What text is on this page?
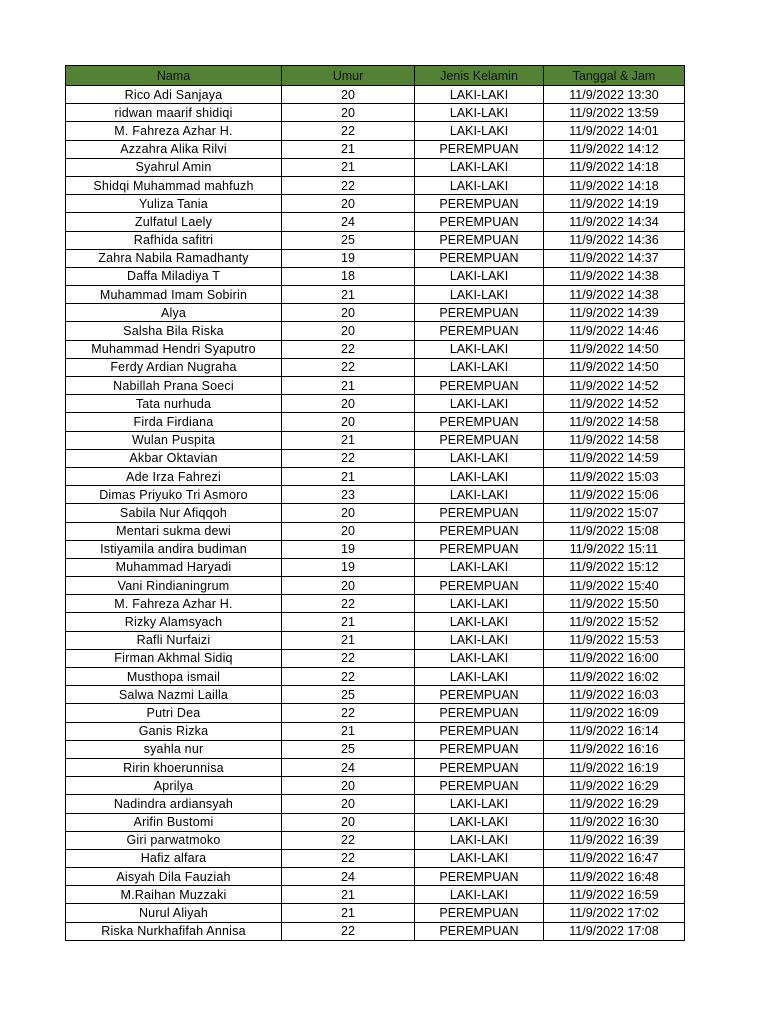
Nama	Umur	Jenis Kelamin	Tanggal & Jam
Rico Adi Sanjaya	20	LAKI-LAKI	11/9/2022 13:30
ridwan maarif shidiqi	20	LAKI-LAKI	11/9/2022 13:59
M. Fahreza Azhar H.	22	LAKI-LAKI	11/9/2022 14:01
Azzahra Alika Rilvi	21	PEREMPUAN	11/9/2022 14:12
Syahrul Amin	21	LAKI-LAKI	11/9/2022 14:18
Shidqi Muhammad mahfuzh	22	LAKI-LAKI	11/9/2022 14:18
Yuliza Tania	20	PEREMPUAN	11/9/2022 14:19
Zulfatul Laely	24	PEREMPUAN	11/9/2022 14:34
Rafhida safitri	25	PEREMPUAN	11/9/2022 14:36
Zahra Nabila Ramadhanty	19	PEREMPUAN	11/9/2022 14:37
Daffa Miladiya T	18	LAKI-LAKI	11/9/2022 14:38
Muhammad Imam Sobirin	21	LAKI-LAKI	11/9/2022 14:38
Alya	20	PEREMPUAN	11/9/2022 14:39
Salsha Bila Riska	20	PEREMPUAN	11/9/2022 14:46
Muhammad Hendri Syaputro	22	LAKI-LAKI	11/9/2022 14:50
Ferdy Ardian Nugraha	22	LAKI-LAKI	11/9/2022 14:50
Nabillah Prana Soeci	21	PEREMPUAN	11/9/2022 14:52
Tata nurhuda	20	LAKI-LAKI	11/9/2022 14:52
Firda Firdiana	20	PEREMPUAN	11/9/2022 14:58
Wulan Puspita	21	PEREMPUAN	11/9/2022 14:58
Akbar Oktavian	22	LAKI-LAKI	11/9/2022 14:59
Ade Irza Fahrezi	21	LAKI-LAKI	11/9/2022 15:03
Dimas Priyuko Tri Asmoro	23	LAKI-LAKI	11/9/2022 15:06
Sabila Nur Afiqqoh	20	PEREMPUAN	11/9/2022 15:07
Mentari sukma dewi	20	PEREMPUAN	11/9/2022 15:08
Istiyamila andira budiman	19	PEREMPUAN	11/9/2022 15:11
Muhammad Haryadi	19	LAKI-LAKI	11/9/2022 15:12
Vani Rindianingrum	20	PEREMPUAN	11/9/2022 15:40
M. Fahreza Azhar H.	22	LAKI-LAKI	11/9/2022 15:50
Rizky Alamsyach	21	LAKI-LAKI	11/9/2022 15:52
Rafli Nurfaizi	21	LAKI-LAKI	11/9/2022 15:53
Firman Akhmal Sidiq	22	LAKI-LAKI	11/9/2022 16:00
Musthopa ismail	22	LAKI-LAKI	11/9/2022 16:02
Salwa Nazmi Lailla	25	PEREMPUAN	11/9/2022 16:03
Putri Dea	22	PEREMPUAN	11/9/2022 16:09
Ganis Rizka	21	PEREMPUAN	11/9/2022 16:14
syahla nur	25	PEREMPUAN	11/9/2022 16:16
Ririn khoerunnisa	24	PEREMPUAN	11/9/2022 16:19
Aprilya	20	PEREMPUAN	11/9/2022 16:29
Nadindra ardiansyah	20	LAKI-LAKI	11/9/2022 16:29
Arifin Bustomi	20	LAKI-LAKI	11/9/2022 16:30
Giri parwatmoko	22	LAKI-LAKI	11/9/2022 16:39
Hafiz alfara	22	LAKI-LAKI	11/9/2022 16:47
Aisyah Dila Fauziah	24	PEREMPUAN	11/9/2022 16:48
M.Raihan Muzzaki	21	LAKI-LAKI	11/9/2022 16:59
Nurul Aliyah	21	PEREMPUAN	11/9/2022 17:02
Riska Nurkhafifah Annisa	22	PEREMPUAN	11/9/2022 17:08
